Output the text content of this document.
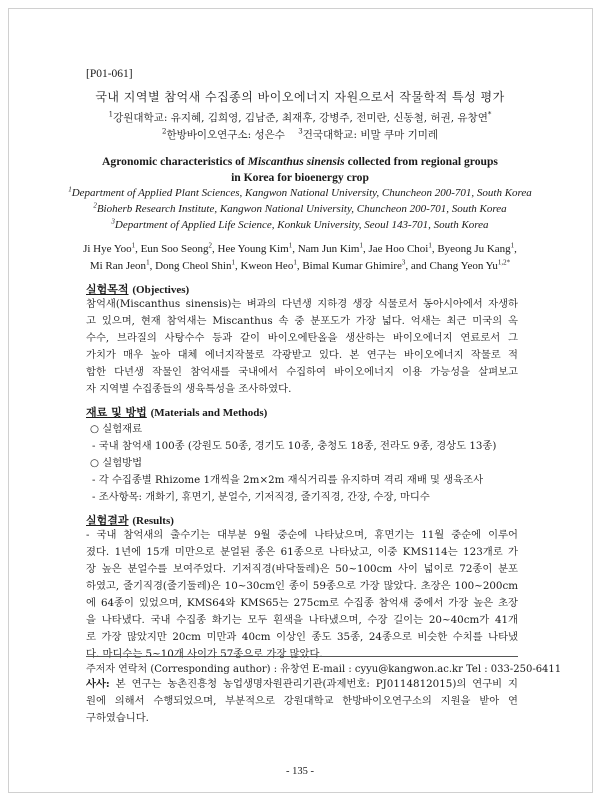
[P01-061]
국내 지역별 참억새 수집종의 바이오에너지 자원으로서 작물학적 특성 평가
$^1$강원대학교: 유지혜, 김희영, 김남준, 최재후, 강병주, 전미란, 신동철, 허권, 유창연*
$^2$한방바이오연구소: 성은수 $^3$건국대학교: 비말 쿠마 기미레
Agronomic characteristics of Miscanthus sinensis collected from regional groups
in Korea for bioenergy crop
$^1$Department of Applied Plant Sciences, Kangwon National University, Chuncheon 200-701, South Korea
$^2$Bioherb Research Institute, Kangwon National University, Chuncheon 200-701, South Korea
$^3$Department of Applied Life Science, Konkuk University, Seoul 143-701, South Korea
Ji Hye Yoo$^1$, Eun Soo Seong$^2$, Hee Young Kim$^1$, Nam Jun Kim$^1$, Jae Hoo Choi$^1$, Byeong Ju Kang$^1$,
Mi Ran Jeon$^1$, Dong Cheol Shin$^1$, Kweon Heo$^1$, Bimal Kumar Ghimire$^3$, and Chang Yeon $Yu^{1,2*}$
실험목적 (Objectives)
참억새(Miscanthus sinensis)는 벼과의 다년생 지하경 생장 식물로서 동아시아에서 자생하
고 있으며, 현재 참억새는 Miscanthus 속 중 분포도가 가장 넓다. 억새는 최근 미국의 옥
수수, 브라질의 사탕수수 등과 같이 바이오에탄올을 생산하는 바이오에너지 연료로서 그
가치가 매우 높아 대체 에너지작물로 각광받고 있다. 본 연구는 바이오에너지 작물로 적
합한 다년생 작물인 참억새를 국내에서 수집하여 바이오에너지 이용 가능성을 살펴보고
자 지역별 수집종들의 생육특성을 조사하였다.
재료 및 방법 (Materials and Methods)
○ 실험재료
- 국내 참억새 100종 (강원도 50종, 경기도 10종, 충청도 18종, 전라도 9종, 경상도 13종)
○ 실험방법
- 각 수집종별 Rhizome 1개씩을 2m×2m 재식거리를 유지하며 격리 재배 및 생육조사
- 조사항목: 개화기, 휴면기, 분얼수, 기저직경, 줄기직경, 간장, 수장, 마디수
실험결과 (Results)
- 국내 참억새의 출수기는 대부분 9월 중순에 나타났으며, 휴면기는 11월 중순에 이루어
졌다. 1년에 15개 미만으로 분얼된 종은 61종으로 나타났고, 이중 KMS114는 123개로 가
장 높은 분얼수를 보여주었다. 기저직경(바닥둘레)은 50~100cm 사이 넓이로 72종이 분포
하였고, 줄기직경(줄기둘레)은 10~30cm인 종이 59종으로 가장 많았다. 초장은 100~200cm
에 64종이 있었으며, KMS64와 KMS65는 275cm로 수집종 참억새 중에서 가장 높은 초장
을 나타냈다. 국내 수집종 화기는 모두 흰색을 나타냈으며, 수장 길이는 20~40cm가 41개
로 가장 많았지만 20cm 미만과 40cm 이상인 종도 35종, 24종으로 비슷한 수치를 나타냈
다. 마디수는 5~10개 사이가 57종으로 가장 많았다.
주저자 연락처 (Corresponding author) : 유창연 E-mail : cyyu@kangwon.ac.kr Tel : 033-250-6411
사사: 본 연구는 농촌진흥청 농업생명자원관리기관(과제번호: PJ0114812015)의 연구비 지
원에 의해서 수행되었으며, 부분적으로 강원대학교 한방바이오연구소의 지원을 받아 연
구하였습니다.
- 135 -
